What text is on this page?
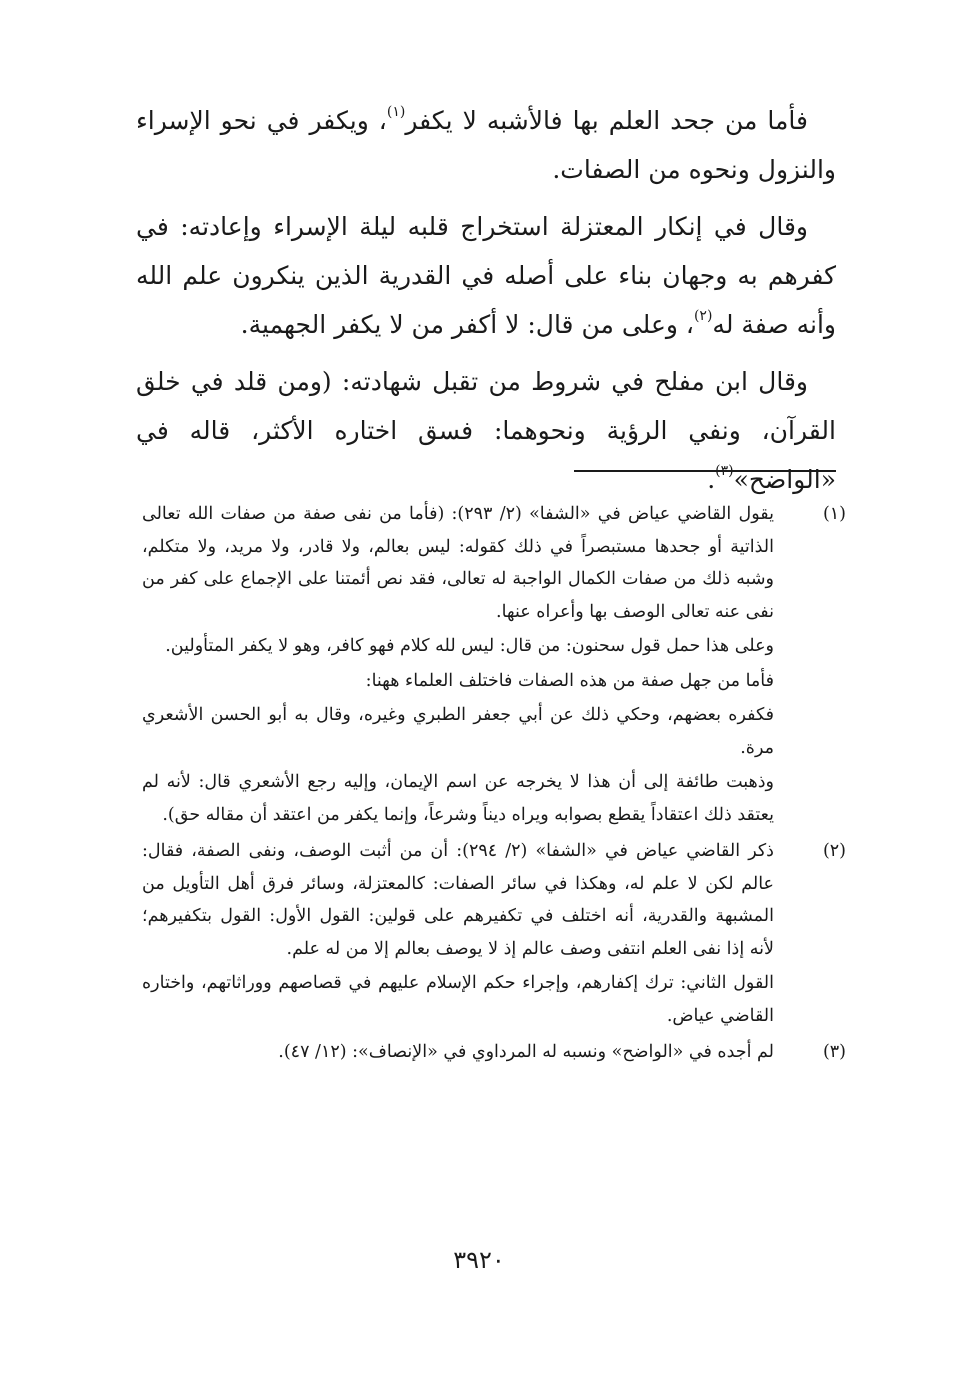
فأما من جحد العلم بها فالأشبه لا يكفر$^{(١)}$، ويكفر في نحو الإسراء والنزول ونحوه من الصفات.

وقال في إنكار المعتزلة استخراج قلبه ليلة الإسراء وإعادته: في كفرهم به وجهان بناء على أصله في القدرية الذين ينكرون علم الله وأنه صفة له$^{(٢)}$، وعلى من قال: لا أكفر من لا يكفر الجهمية.

وقال ابن مفلح في شروط من تقبل شهادته: (ومن قلد في خلق القرآن، ونفي الرؤية ونحوهما: فسق اختاره الأكثر، قاله في «الواضح»$^{(٣)}$.

(١)

يقول القاضي عياض في «الشفا» (٢/ ٢٩٣): (فأما من نفى صفة من صفات الله تعالى الذاتية أو جحدها مستبصراً في ذلك كقوله: ليس بعالم، ولا قادر، ولا مريد، ولا متكلم، وشبه ذلك من صفات الكمال الواجبة له تعالى، فقد نص أئمتنا على الإجماع على كفر من نفى عنه تعالى الوصف بها وأعراه عنها.

وعلى هذا حمل قول سحنون: من قال: ليس لله كلام فهو كافر، وهو لا يكفر المتأولين.

فأما من جهل صفة من هذه الصفات فاختلف العلماء ههنا:

فكفره بعضهم، وحكي ذلك عن أبي جعفر الطبري وغيره، وقال به أبو الحسن الأشعري مرة.

وذهبت طائفة إلى أن هذا لا يخرجه عن اسم الإيمان، وإليه رجع الأشعري قال: لأنه لم يعتقد ذلك اعتقاداً يقطع بصوابه ويراه ديناً وشرعاً، وإنما يكفر من اعتقد أن مقاله حق).

(٢)

ذكر القاضي عياض في «الشفا» (٢/ ٢٩٤): أن من أثبت الوصف، ونفى الصفة، فقال: عالم لكن لا علم له، وهكذا في سائر الصفات: كالمعتزلة، وسائر فرق أهل التأويل من المشبهة والقدرية، أنه اختلف في تكفيرهم على قولين: القول الأول: القول بتكفيرهم؛ لأنه إذا نفى العلم انتفى وصف عالم إذ لا يوصف بعالم إلا من له علم.

القول الثاني: ترك إكفارهم، وإجراء حكم الإسلام عليهم في قصاصهم ووراثاتهم، واختاره القاضي عياض.

(٣)

لم أجده في «الواضح» ونسبه له المرداوي في «الإنصاف»: (١٢/ ٤٧).

٣٩٢٠
